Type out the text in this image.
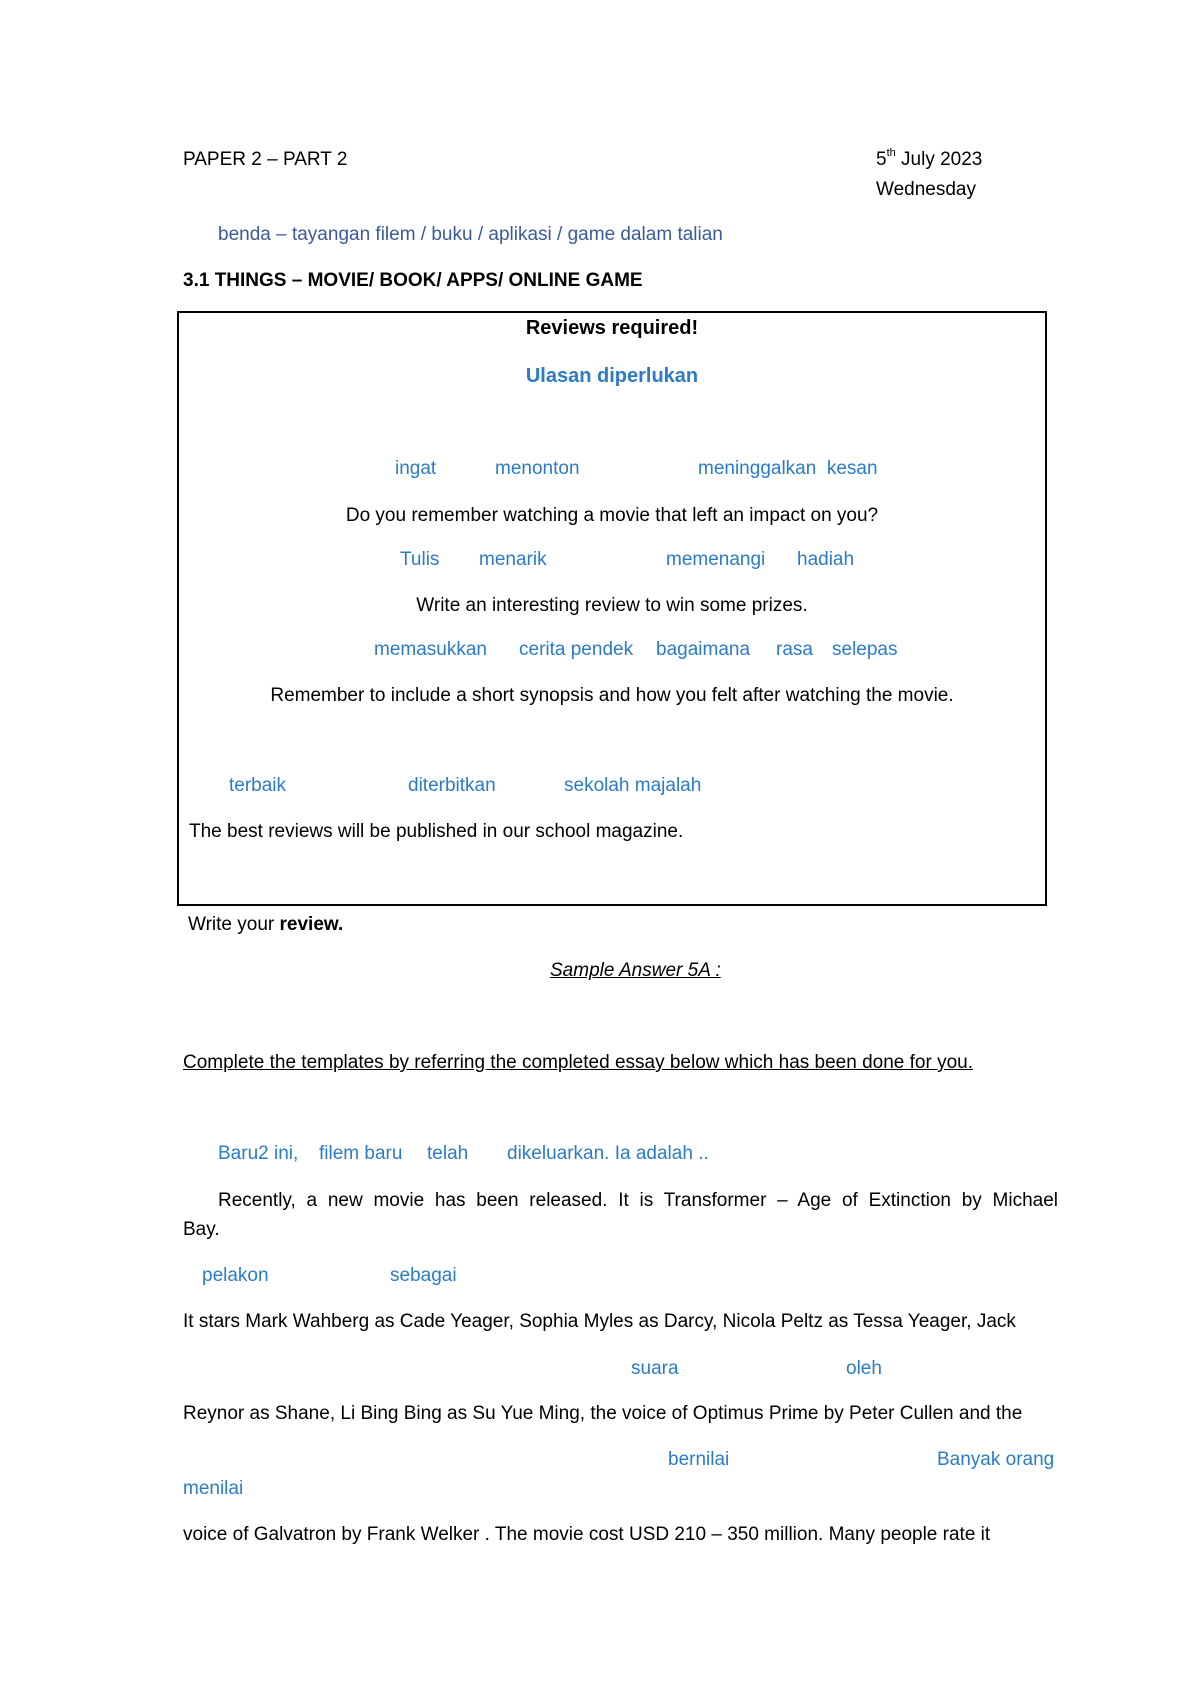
PAPER 2 – PART 2	5th July 2023
Wednesday
benda – tayangan filem / buku / aplikasi / game dalam talian
3.1 THINGS – MOVIE/ BOOK/ APPS/ ONLINE GAME
Reviews required!
Ulasan diperlukan
ingat	menonton	meninggalkan  kesan
Do you remember watching a movie that left an impact on you?
Tulis menarik	memenangi hadiah
Write an interesting review to win some prizes.
memasukkan cerita pendek bagaimana rasa selepas
Remember to include a short synopsis and how you felt after watching the movie.
terbaik	diterbitkan	sekolah majalah
The best reviews will be published in our school magazine.
Write your review.
Sample Answer 5A :
Complete the templates by referring the completed essay below which has been done for you.
Baru2 ini, filem baru telah dikeluarkan. Ia adalah ..
Recently, a new movie has been released. It is Transformer – Age of Extinction by Michael
Bay.
pelakon	sebagai
It stars Mark Wahberg as Cade Yeager, Sophia Myles as Darcy, Nicola Peltz as Tessa Yeager, Jack
suara	oleh
Reynor as Shane, Li Bing Bing as Su Yue Ming, the voice of Optimus Prime by Peter Cullen and the
bernilai	Banyak orang
menilai
voice of Galvatron by Frank Welker . The movie cost USD 210 – 350 million. Many people rate it
